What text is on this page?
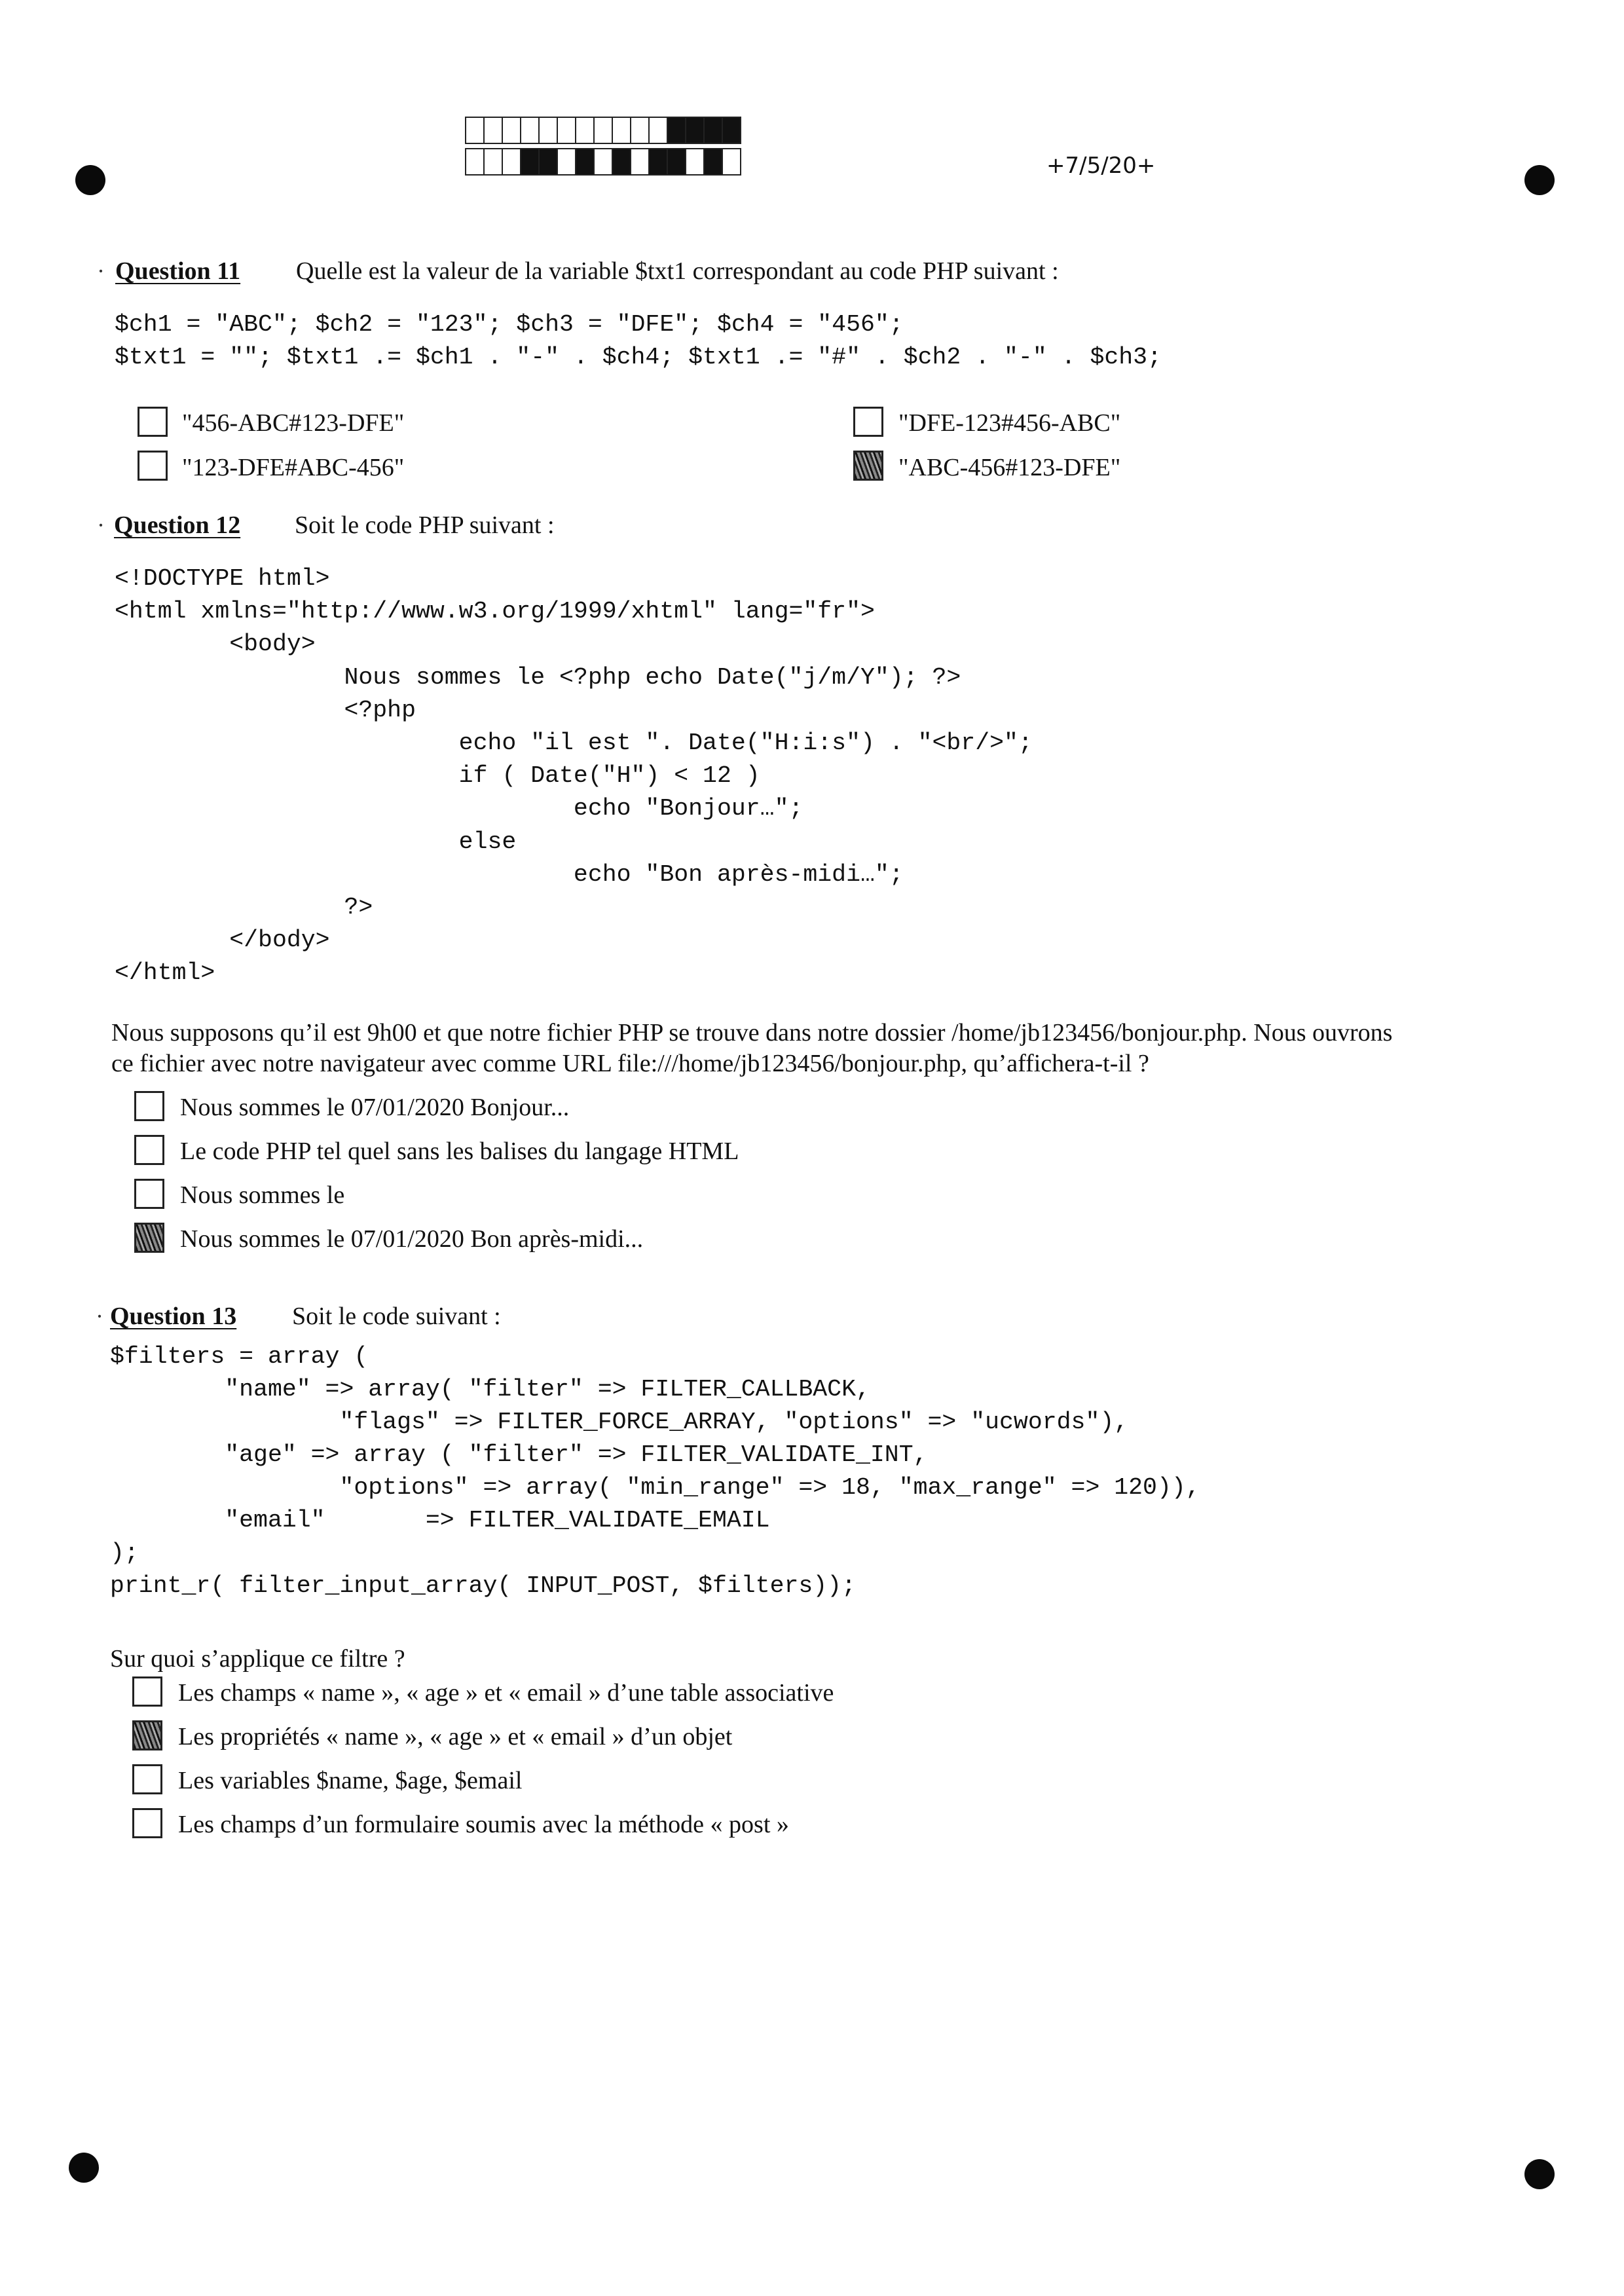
+7/5/20+
· Question 11 Quelle est la valeur de la variable $txt1 correspondant au code PHP suivant :
$ch1 = "ABC"; $ch2 = "123"; $ch3 = "DFE"; $ch4 = "456";
$txt1 = ""; $txt1 .= $ch1 . "-" . $ch4; $txt1 .= "#" . $ch2 . "-" . $ch3;
"456-ABC#123-DFE"	"DFE-123#456-ABC"
"123-DFE#ABC-456"	"ABC-456#123-DFE"
· Question 12 Soit le code PHP suivant :
<!DOCTYPE html>
<html xmlns="http://www.w3.org/1999/xhtml" lang="fr">
<body>
Nous sommes le <?php echo Date("j/m/Y"); ?>
<?php
echo "il est ". Date("H:i:s") . "<br/>";
if ( Date("H") < 12 )
echo "Bonjour…";
else
echo "Bon après-midi…";
?>
</body>
</html>
Nous supposons qu’il est 9h00 et que notre fichier PHP se trouve dans notre dossier /home/jb123456/bonjour.php. Nous ouvrons
ce fichier avec notre navigateur avec comme URL file:///home/jb123456/bonjour.php, qu’affichera-t-il ?
Nous sommes le 07/01/2020 Bonjour...
Le code PHP tel quel sans les balises du langage HTML
Nous sommes le
Nous sommes le 07/01/2020 Bon après-midi...
· Question 13 Soit le code suivant :
$filters = array (
"name" => array( "filter" => FILTER_CALLBACK,
"flags" => FILTER_FORCE_ARRAY, "options" => "ucwords"),
"age" => array ( "filter" => FILTER_VALIDATE_INT,
"options" => array( "min_range" => 18, "max_range" => 120)),
"email"       => FILTER_VALIDATE_EMAIL
);
print_r( filter_input_array( INPUT_POST, $filters));
Sur quoi s’applique ce filtre ?
Les champs « name », « age » et « email » d’une table associative
Les propriétés « name », « age » et « email » d’un objet
Les variables $name, $age, $email
Les champs d’un formulaire soumis avec la méthode « post »
